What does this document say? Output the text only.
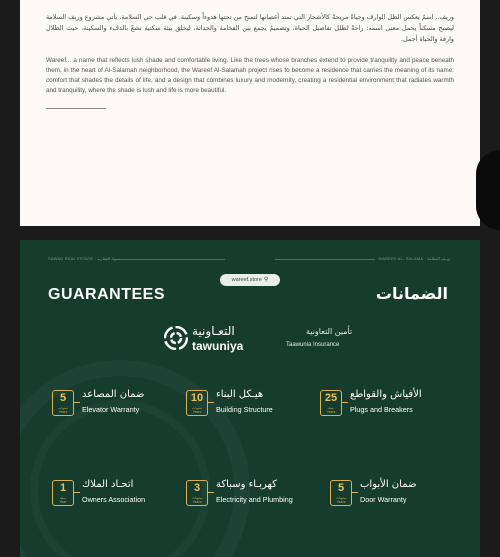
وريف.. اسمٌ يعكس الظل الوارف وحياةً مريحةً كالأشجار التي تمتد أغصانها لتمنح من تحتها هدوءاً وسكينة. في قلب حي السلامة، يأتي مشروع وريف السلامة ليصبح مسكناً يحمل معنى اسمه: راحةٌ تُظلل تفاصيل الحياة، وتصميمٌ يجمع بين الفخامة والحداثة، ليخلق بيئة سكنية تشعّ بالدفء والسكينة، حيث الظلال وارفة والحياة أجمل.

Wareef... a name that reflects lush shade and comfortable living. Like the trees whose branches extend to provide tranquility and peace beneath them, in the heart of Al-Salamah neighborhood, the Wareef Al-Salamah project rises to become a residence that carries the meaning of its name: comfort that shades the details of life, and a design that combines luxury and modernity, creating a residential environment that radiates warmth and tranquility, where the shade is lush and life is more beautiful.

SAWAD REAL ESTATE · سواد العقارية	WAREEF AL- SALAMA · وريف السلامة
wareef.store ⚲
GUARANTEES	الضمانات
التعـاونية
tawuniya
تأمين التعاونية
Taawunia Insurance
5
سنوات
Years
ضمان المصاعد
Elevator Warranty
10
سنوات
Years
هيـكل البناء
Building Structure
25
سنة
Years
الأفياش والقواطع
Plugs and Breakers
1
سنة
Year
اتحـاد الملاك
Owners Association
3
سنوات
Years
كهربـاء وسباكة
Electricity and Plumbing
5
سنوات
Years
ضمان الأبواب
Door Warranty
